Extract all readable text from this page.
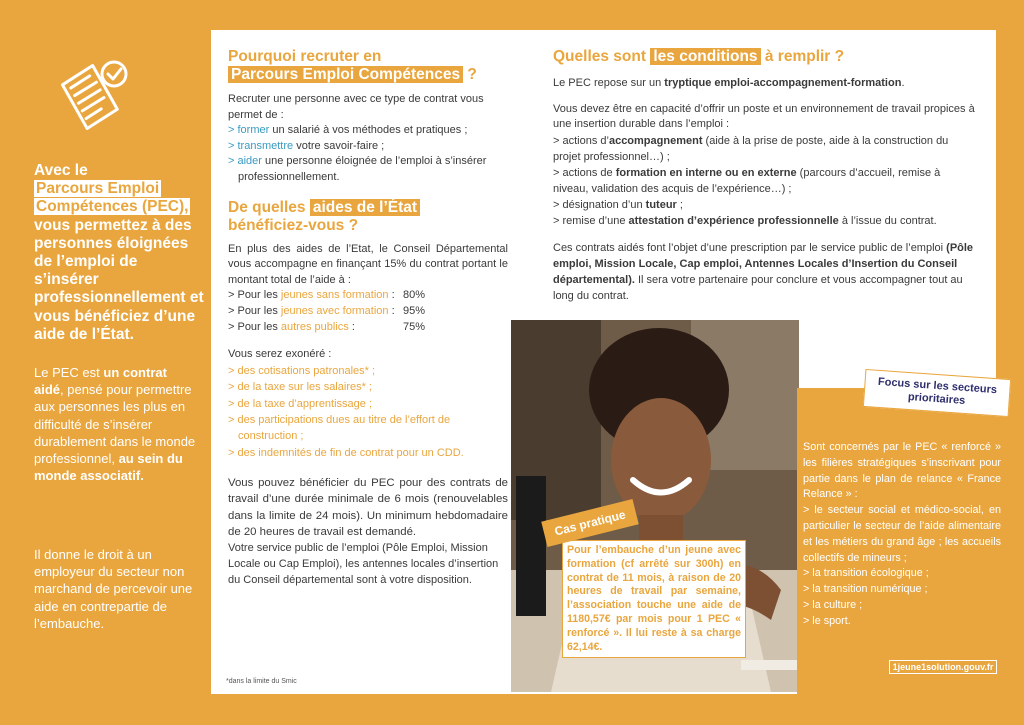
Avec le
Parcours Emploi
Compétences (PEC),
vous permettez à des personnes éloignées de l’emploi de s’insérer professionnellement et vous bénéficiez d’une aide de l’État.

Le PEC est un contrat aidé, pensé pour permettre aux personnes les plus en difficulté de s’insérer durablement dans le monde professionnel, au sein du monde associatif.

Il donne le droit à un employeur du secteur non marchand de percevoir une aide en contrepartie de l’embauche.

Pourquoi recruter en
Parcours Emploi Compétences ?

Recruter une personne avec ce type de contrat vous permet de :

> former un salarié à vos méthodes et pratiques ;
> transmettre votre savoir-faire ;
> aider une personne éloignée de l’emploi à s’insérer professionnellement.
De quelles aides de l’État
bénéficiez-vous ?

En plus des aides de l’Etat, le Conseil Départemental vous accompagne en finançant 15% du contrat portant le montant total de l’aide à :

> Pour les jeunes sans formation : 80%
> Pour les jeunes avec formation : 95%
> Pour les autres publics :	75%

Vous serez exonéré :

> des cotisations patronales* ;
> de la taxe sur les salaires* ;
> de la taxe d’apprentissage ;
> des participations dues au titre de l’effort de construction ;
> des indemnités de fin de contrat pour un CDD.

Vous pouvez bénéficier du PEC pour des contrats de travail d’une durée minimale de 6 mois (renouvelables dans la limite de 24 mois). Un minimum hebdomadaire de 20 heures de travail est demandé.

Votre service public de l’emploi (Pôle Emploi, Mission Locale ou Cap Emploi), les antennes locales d’insertion du Conseil départemental sont à votre disposition.

*dans la limite du Smic
Quelles sont les conditions à remplir ?

Le PEC repose sur un tryptique emploi-accompagnement-formation.

Vous devez être en capacité d’offrir un poste et un environnement de travail propices à une insertion durable dans l’emploi :

> actions d’accompagnement (aide à la prise de poste, aide à la construction du projet professionnel…) ;
> actions de formation en interne ou en externe (parcours d’accueil, remise à niveau, validation des acquis de l’expérience…) ;
> désignation d’un tuteur ;
> remise d’une attestation d’expérience professionnelle à l’issue du contrat.

Ces contrats aidés font l’objet d’une prescription par le service public de l’emploi (Pôle emploi, Mission Locale, Cap emploi, Antennes Locales d’Insertion du Conseil départemental). Il sera votre partenaire pour conclure et vous accompagner tout au long du contrat.

Focus sur les secteurs prioritaires
Sont concernés par le PEC « renforcé » les filières stratégiques s’inscrivant pour partie dans le plan de relance « France Relance » :
> le secteur social et médico-social, en particulier le secteur de l’aide alimentaire et les métiers du grand âge ; les accueils collectifs de mineurs ;
> la transition écologique ;
> la transition numérique ;
> la culture ;
> le sport.
1jeune1solution.gouv.fr

Pour l’embauche d’un jeune avec formation (cf arrêté sur 300h) en contrat de 11 mois, à raison de 20 heures de travail par semaine, l’association touche une aide de 1180,57€ par mois pour 1 PEC « renforcé ». Il lui reste à sa charge 62,14€.

Cas pratique
